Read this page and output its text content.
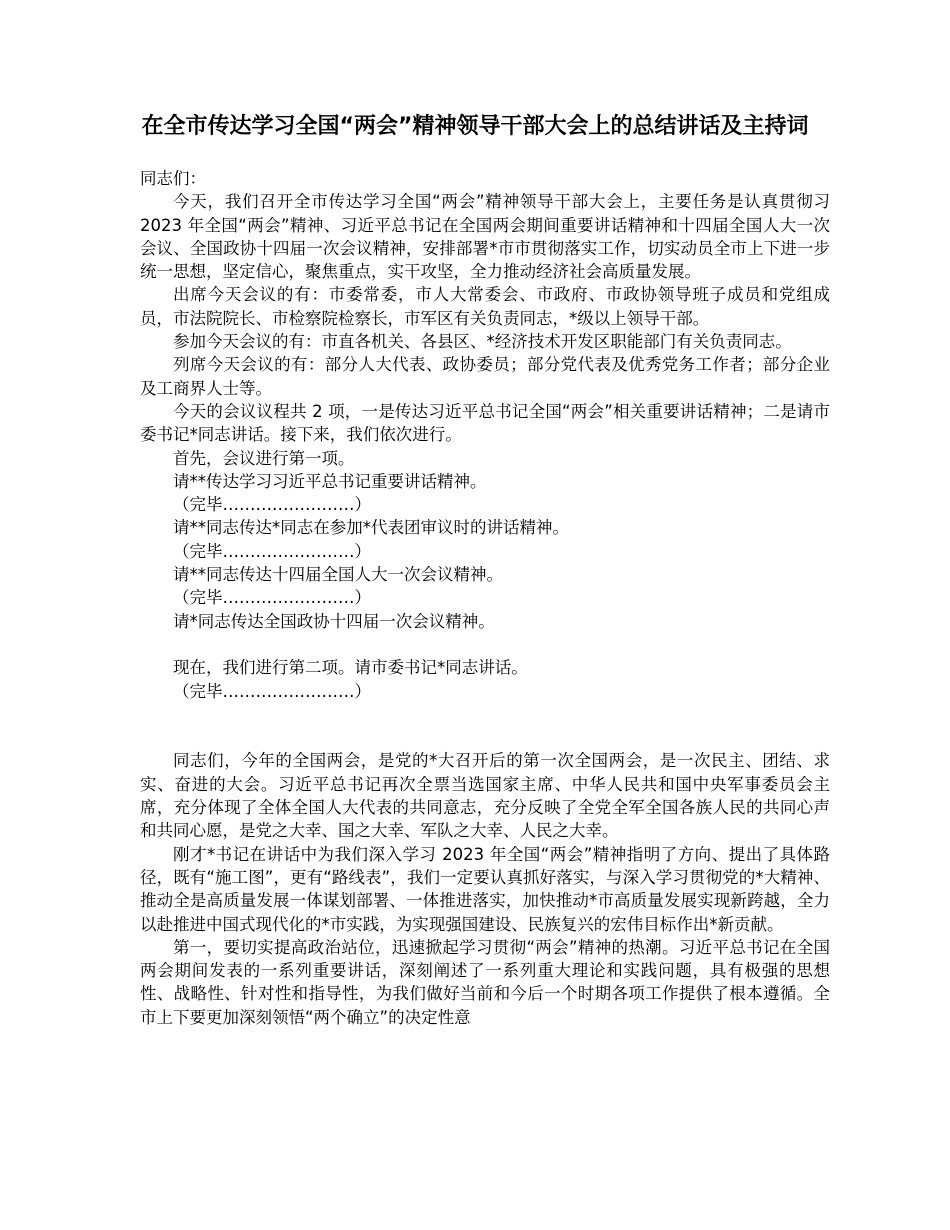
在全市传达学习全国“两会”精神领导干部大会上的总结讲话及主持词

同志们：

今天，我们召开全市传达学习全国“两会”精神领导干部大会上，主要任务是认真贯彻习 2023 年全国“两会”精神、习近平总书记在全国两会期间重要讲话精神和十四届全国人大一次会议、全国政协十四届一次会议精神，安排部署*市市贯彻落实工作，切实动员全市上下进一步统一思想，坚定信心，聚焦重点，实干攻坚，全力推动经济社会高质量发展。

出席今天会议的有：市委常委，市人大常委会、市政府、市政协领导班子成员和党组成员，市法院院长、市检察院检察长，市军区有关负责同志，*级以上领导干部。

参加今天会议的有：市直各机关、各县区、*经济技术开发区职能部门有关负责同志。

列席今天会议的有：部分人大代表、政协委员；部分党代表及优秀党务工作者；部分企业及工商界人士等。

今天的会议议程共 2 项，一是传达习近平总书记全国“两会”相关重要讲话精神；二是请市委书记*同志讲话。接下来，我们依次进行。

首先，会议进行第一项。

请**传达学习习近平总书记重要讲话精神。

（完毕……………………）

请**同志传达*同志在参加*代表团审议时的讲话精神。

（完毕……………………）

请**同志传达十四届全国人大一次会议精神。

（完毕……………………）

请*同志传达全国政协十四届一次会议精神。

现在，我们进行第二项。请市委书记*同志讲话。

（完毕……………………）

同志们，今年的全国两会，是党的*大召开后的第一次全国两会，是一次民主、团结、求实、奋进的大会。习近平总书记再次全票当选国家主席、中华人民共和国中央军事委员会主席，充分体现了全体全国人大代表的共同意志，充分反映了全党全军全国各族人民的共同心声和共同心愿，是党之大幸、国之大幸、军队之大幸、人民之大幸。

刚才*书记在讲话中为我们深入学习 2023 年全国“两会”精神指明了方向、提出了具体路径，既有“施工图”，更有“路线表”，我们一定要认真抓好落实，与深入学习贯彻党的*大精神、推动全是高质量发展一体谋划部署、一体推进落实，加快推动*市高质量发展实现新跨越，全力以赴推进中国式现代化的*市实践，为实现强国建设、民族复兴的宏伟目标作出*新贡献。

第一，要切实提高政治站位，迅速掀起学习贯彻“两会”精神的热潮。习近平总书记在全国两会期间发表的一系列重要讲话，深刻阐述了一系列重大理论和实践问题，具有极强的思想性、战略性、针对性和指导性，为我们做好当前和今后一个时期各项工作提供了根本遵循。全市上下要更加深刻领悟“两个确立”的决定性意
